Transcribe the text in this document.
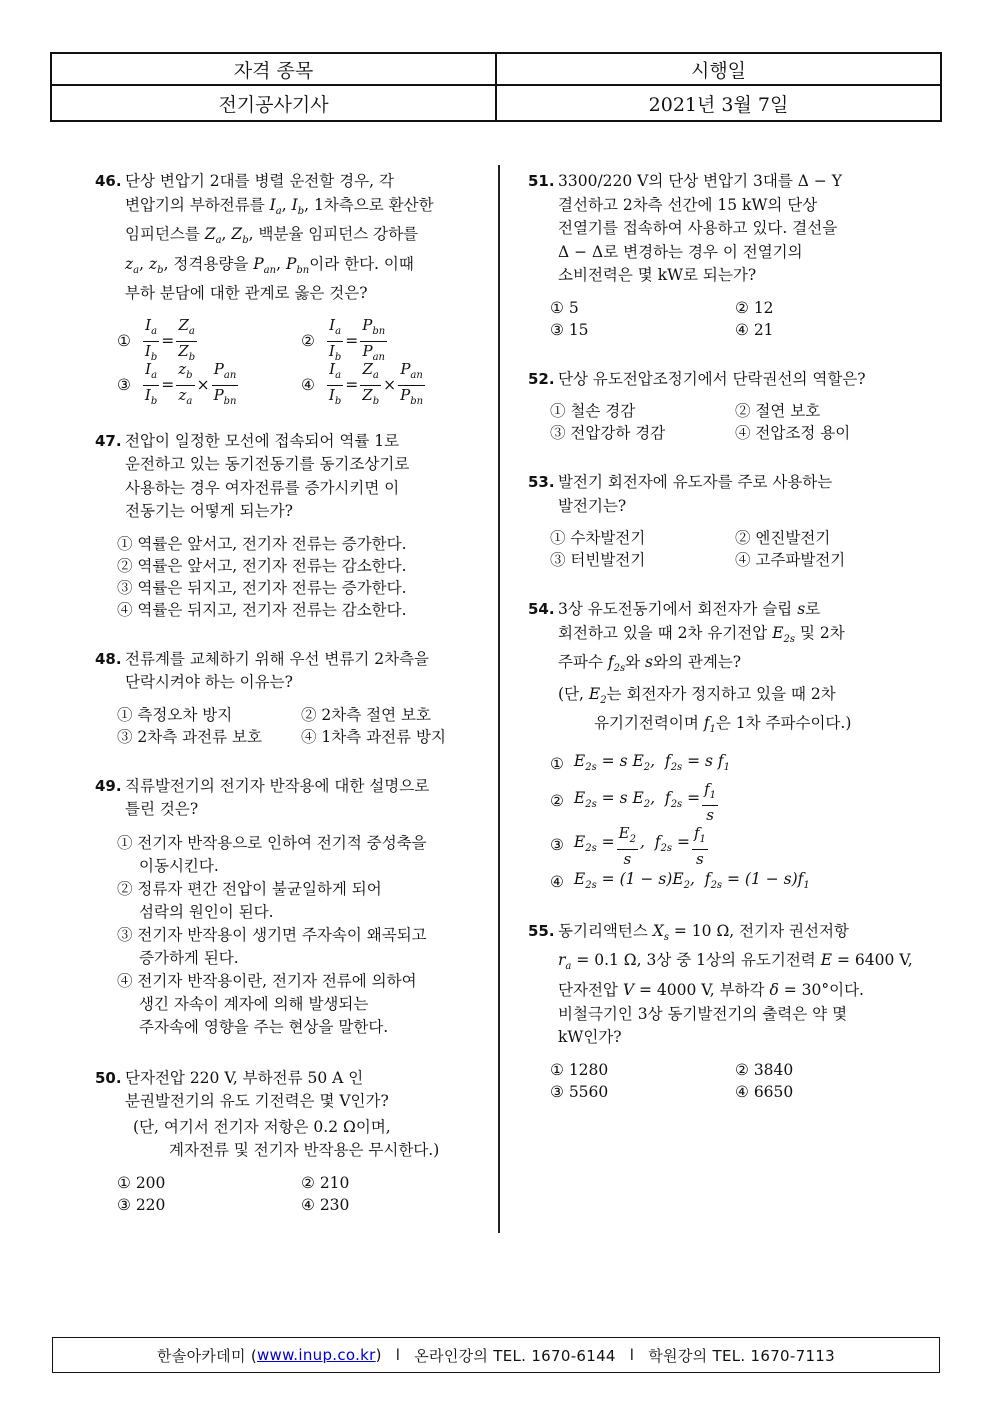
자격 종목	시행일
전기공사기사	2021년 3월 7일
46. 단상 변압기 2대를 병렬 운전할 경우, 각
변압기의 부하전류를 $I_a$, $I_b$, 1차측으로 환산한
임피던스를 $Z_a$, $Z_b$, 백분율 임피던스 강하를
$z_a$, $z_b$, 정격용량을 $P_{an}$, $P_{bn}$이라 한다. 이때
부하 분담에 대한 관계로 옳은 것은?
① $\frac{I_a}{I_b} = \frac{Z_a}{Z_b}$	② $\frac{I_a}{I_b} = \frac{P_{bn}}{P_{an}}$
③ $\frac{I_a}{I_b} = \frac{z_b}{z_a} \times \frac{P_{an}}{P_{bn}}$	④ $\frac{I_a}{I_b} = \frac{Z_a}{Z_b} \times \frac{P_{an}}{P_{bn}}$
47. 전압이 일정한 모선에 접속되어 역률 1로
운전하고 있는 동기전동기를 동기조상기로
사용하는 경우 여자전류를 증가시키면 이
전동기는 어떻게 되는가?
① 역률은 앞서고, 전기자 전류는 증가한다.
② 역률은 앞서고, 전기자 전류는 감소한다.
③ 역률은 뒤지고, 전기자 전류는 증가한다.
④ 역률은 뒤지고, 전기자 전류는 감소한다.
48. 전류계를 교체하기 위해 우선 변류기 2차측을
단락시켜야 하는 이유는?
① 측정오차 방지	② 2차측 절연 보호
③ 2차측 과전류 보호	④ 1차측 과전류 방지
49. 직류발전기의 전기자 반작용에 대한 설명으로
틀린 것은?
① 전기자 반작용으로 인하여 전기적 중성축을
이동시킨다.
② 정류자 편간 전압이 불균일하게 되어
섬락의 원인이 된다.
③ 전기자 반작용이 생기면 주자속이 왜곡되고
증가하게 된다.
④ 전기자 반작용이란, 전기자 전류에 의하여
생긴 자속이 계자에 의해 발생되는
주자속에 영향을 주는 현상을 말한다.
50. 단자전압 220 V, 부하전류 50 A 인
분권발전기의 유도 기전력은 몇 V인가?
(단, 여기서 전기자 저항은 0.2 Ω이며,
계자전류 및 전기자 반작용은 무시한다.)
① 200	② 210
③ 220	④ 230
51. 3300/220 V의 단상 변압기 3대를 Δ − Y
결선하고 2차측 선간에 15 kW의 단상
전열기를 접속하여 사용하고 있다. 결선을
Δ − Δ로 변경하는 경우 이 전열기의
소비전력은 몇 kW로 되는가?
① 5	② 12
③ 15	④ 21
52. 단상 유도전압조정기에서 단락권선의 역할은?
① 철손 경감	② 절연 보호
③ 전압강하 경감	④ 전압조정 용이
53. 발전기 회전자에 유도자를 주로 사용하는
발전기는?
① 수차발전기	② 엔진발전기
③ 터빈발전기	④ 고주파발전기
54. 3상 유도전동기에서 회전자가 슬립 s로
회전하고 있을 때 2차 유기전압 $E_{2s}$ 및 2차
주파수 $f_{2s}$와 s와의 관계는?
(단, $E_2$는 회전자가 정지하고 있을 때 2차
유기기전력이며 $f_1$은 1차 주파수이다.)
① $E_{2s} = s$ $E_2$,  $f_{2s} = s$ $f_1$
② $E_{2s} = s$ $E_2$,  $f_{2s} = \frac{f_1}{s}$
③ $E_{2s} = \frac{E_2}{s}$ ,  $f_{2s} = \frac{f_1}{s}$
④ $E_{2s} = (1 - s)E_2$,  $f_{2s} = (1 - s)f_1$
55. 동기리액턴스 $X_s = 10$ Ω, 전기자 권선저항
$r_a = 0.1$ Ω, 3상 중 1상의 유도기전력 E = 6400 V,
단자전압 V = 4000 V, 부하각 δ = 30°이다.
비철극기인 3상 동기발전기의 출력은 약 몇
kW인가?
① 1280	② 3840
③ 5560	④ 6650
한솔아카데미 ( www.inup.co.kr ) l 온라인강의 TEL. 1670-6144 l 학원강의 TEL. 1670-7113
